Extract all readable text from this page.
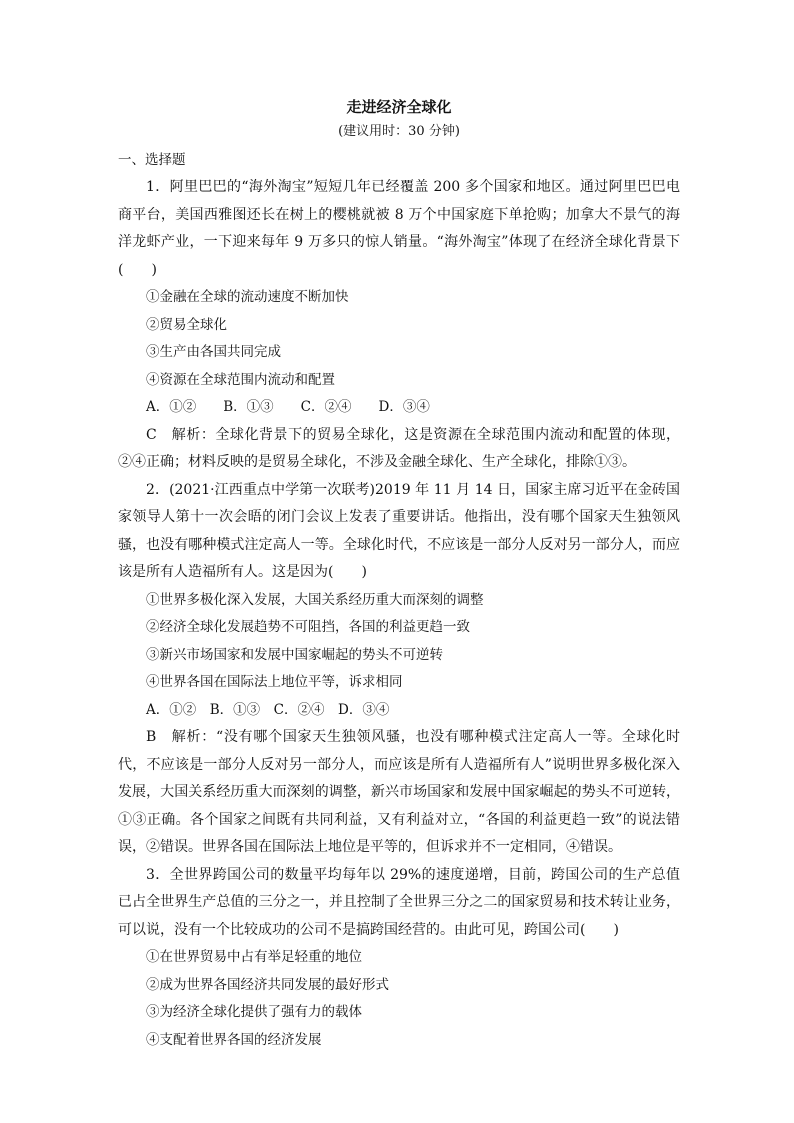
走进经济全球化
(建议用时：30 分钟)
一、选择题
1．阿里巴巴的“海外淘宝”短短几年已经覆盖 200 多个国家和地区。通过阿里巴巴电商平台，美国西雅图还长在树上的樱桃就被 8 万个中国家庭下单抢购；加拿大不景气的海洋龙虾产业，一下迎来每年 9 万多只的惊人销量。“海外淘宝”体现了在经济全球化背景下(　　)
①金融在全球的流动速度不断加快
②贸易全球化
③生产由各国共同完成
④资源在全球范围内流动和配置
A．①②　　B．①③　　C．②④　　D．③④
C　解析：全球化背景下的贸易全球化，这是资源在全球范围内流动和配置的体现，②④正确；材料反映的是贸易全球化，不涉及金融全球化、生产全球化，排除①③。
2．(2021·江西重点中学第一次联考)2019 年 11 月 14 日，国家主席习近平在金砖国家领导人第十一次会晤的闭门会议上发表了重要讲话。他指出，没有哪个国家天生独领风骚，也没有哪种模式注定高人一等。全球化时代，不应该是一部分人反对另一部分人，而应该是所有人造福所有人。这是因为(　　)
①世界多极化深入发展，大国关系经历重大而深刻的调整
②经济全球化发展趋势不可阻挡，各国的利益更趋一致
③新兴市场国家和发展中国家崛起的势头不可逆转
④世界各国在国际法上地位平等，诉求相同
A．①②　B．①③　C．②④　D．③④
B　解析：“没有哪个国家天生独领风骚，也没有哪种模式注定高人一等。全球化时代，不应该是一部分人反对另一部分人，而应该是所有人造福所有人”说明世界多极化深入发展，大国关系经历重大而深刻的调整，新兴市场国家和发展中国家崛起的势头不可逆转，①③正确。各个国家之间既有共同利益，又有利益对立，“各国的利益更趋一致”的说法错误，②错误。世界各国在国际法上地位是平等的，但诉求并不一定相同，④错误。
3．全世界跨国公司的数量平均每年以 29%的速度递增，目前，跨国公司的生产总值已占全世界生产总值的三分之一，并且控制了全世界三分之二的国家贸易和技术转让业务，可以说，没有一个比较成功的公司不是搞跨国经营的。由此可见，跨国公司(　　)
①在世界贸易中占有举足轻重的地位
②成为世界各国经济共同发展的最好形式
③为经济全球化提供了强有力的载体
④支配着世界各国的经济发展
